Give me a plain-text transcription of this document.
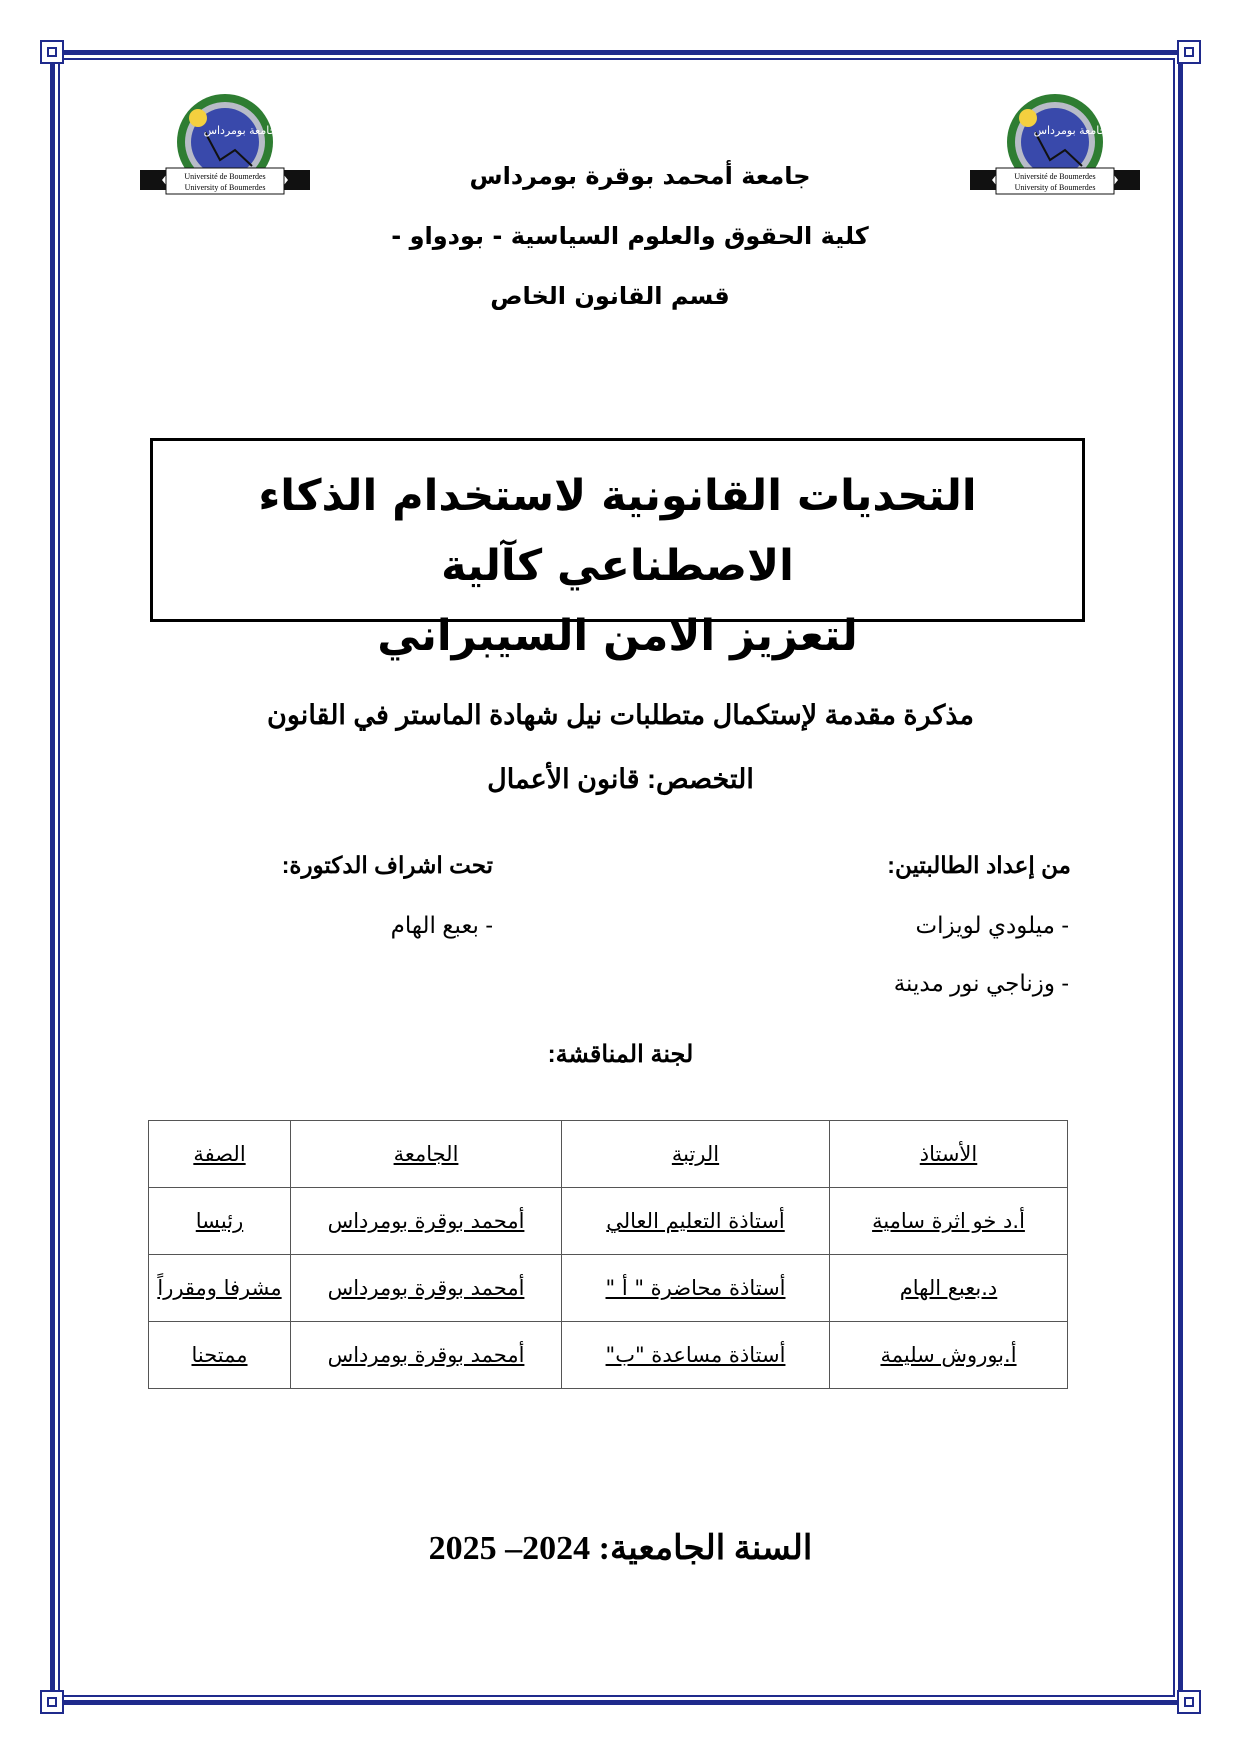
جامعة بومرداس
Université de Boumerdes
University of Boumerdes
جامعة بومرداس
Université de Boumerdes
University of Boumerdes
جامعة أمحمد بوقرة بومرداس
كلية الحقوق والعلوم السياسية - بودواو -
قسم القانون الخاص
التحديات القانونية لاستخدام الذكاء الاصطناعي كآلية
لتعزيز الامن السيبراني
مذكرة مقدمة لإستكمال متطلبات نيل شهادة الماستر في القانون
التخصص: قانون الأعمال
من إعداد الطالبتين:
- ميلودي لويزات
- وزناجي نور مدينة
تحت اشراف الدكتورة:
- بعبع الهام
لجنة المناقشة:
الأستاذ	الرتبة	الجامعة	الصفة
أ.د خو اثرة سامية	أستاذة التعليم العالي	أمحمد بوقرة بومرداس	رئيسا
د.بعبع الهام	أستاذة محاضرة " أ "	أمحمد بوقرة بومرداس	مشرفا ومقرراً
أ.بوروش سليمة	أستاذة مساعدة "ب"	أمحمد بوقرة بومرداس	ممتحنا
السنة الجامعية: 2024– 2025
